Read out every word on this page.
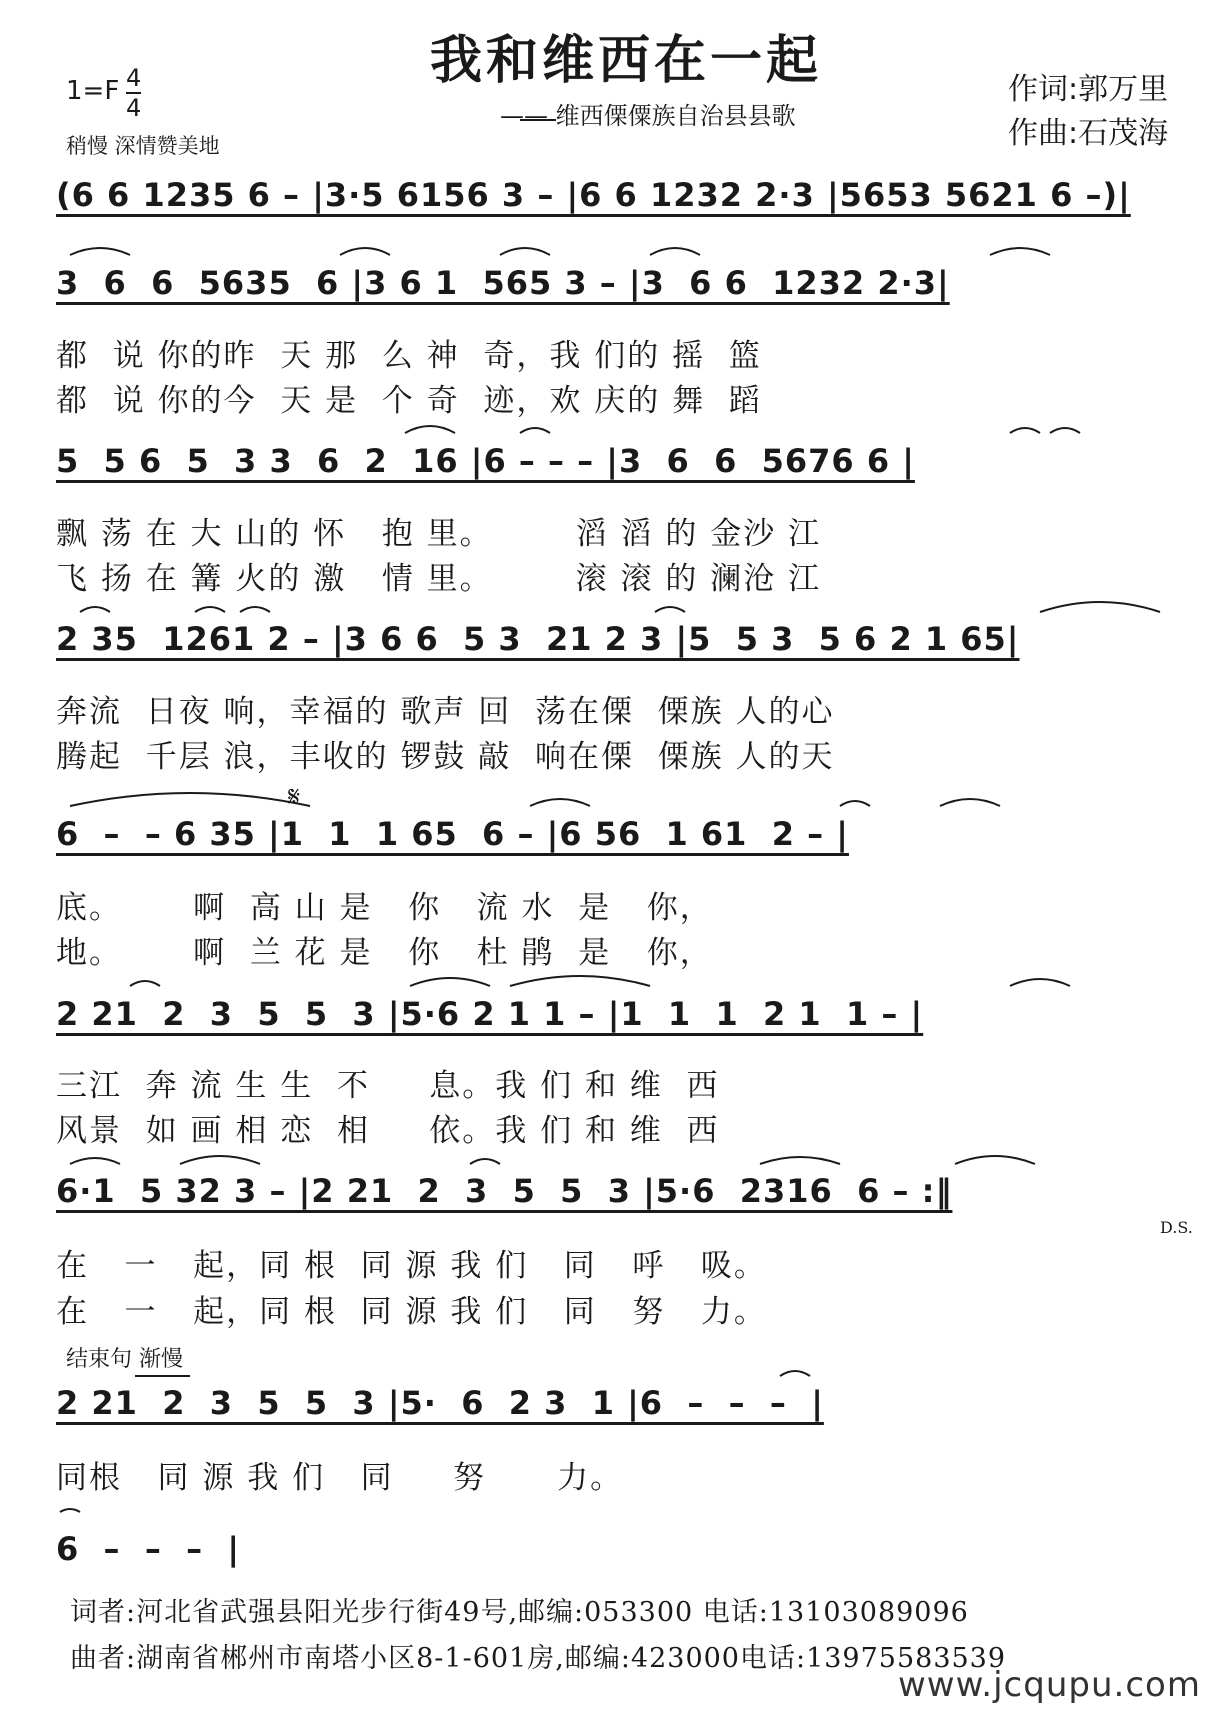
我和维西在一起
—— 维西傈僳族自治县县歌
$1=F \frac{4}{4}$
稍慢 深情赞美地
作词:郭万里
作曲:石茂海
(6 6 1235 6 – |3·5 6156 3 – |6 6 1232 2·3 |5653 5621 6 –)|
3  6  6  5635  6 |3 6 1  565 3 – |3  6 6  1232 2·3|
都  说 你的昨  天 那  么 神  奇，我 们的 摇  篮
都  说 你的今  天 是  个 奇  迹，欢 庆的 舞  蹈
5  5 6  5  3 3  6  2  16 |6 – – – |3  6  6  5676 6 |
飘 荡 在 大 山的 怀   抱 里。       滔 滔 的 金沙 江
飞 扬 在 篝 火的 激   情 里。       滚 滚 的 澜沧 江
2 35  1261 2 – |3 6 6  5 3  21 2 3 |5  5 3  5 6 2 1 65|
奔流  日夜 响，幸福的 歌声 回  荡在傈  傈族 人的心
腾起  千层 浪，丰收的 锣鼓 敲  响在傈  傈族 人的天
𝄋
6  –  – 6 35 |1  1  1 65  6 – |6 56  1 61  2 – |
底。      啊  高 山 是   你   流 水  是   你，
地。      啊  兰 花 是   你   杜 鹃  是   你，
2 21  2  3  5  5  3 |5·6 2 1 1 – |1  1  1  2 1  1 – |
三江  奔 流 生 生  不     息。我 们 和 维  西
风景  如 画 相 恋  相     依。我 们 和 维  西
6·1  5 32 3 – |2 21  2  3  5  5  3 |5·6  2316  6 – :‖
D.S.
在   一   起，同 根  同 源 我 们   同   呼   吸。
在   一   起，同 根  同 源 我 们   同   努   力。
结束句 渐慢
2 21  2  3  5  5  3 |5·  6  2 3  1 |6  –  –  –  |
同根   同 源 我 们   同     努      力。
6  –  –  –  |
词者:河北省武强县阳光步行街49号,邮编:053300 电话:13103089096
曲者:湖南省郴州市南塔小区8-1-601房,邮编:423000电话:13975583539
www.jcqupu.com
